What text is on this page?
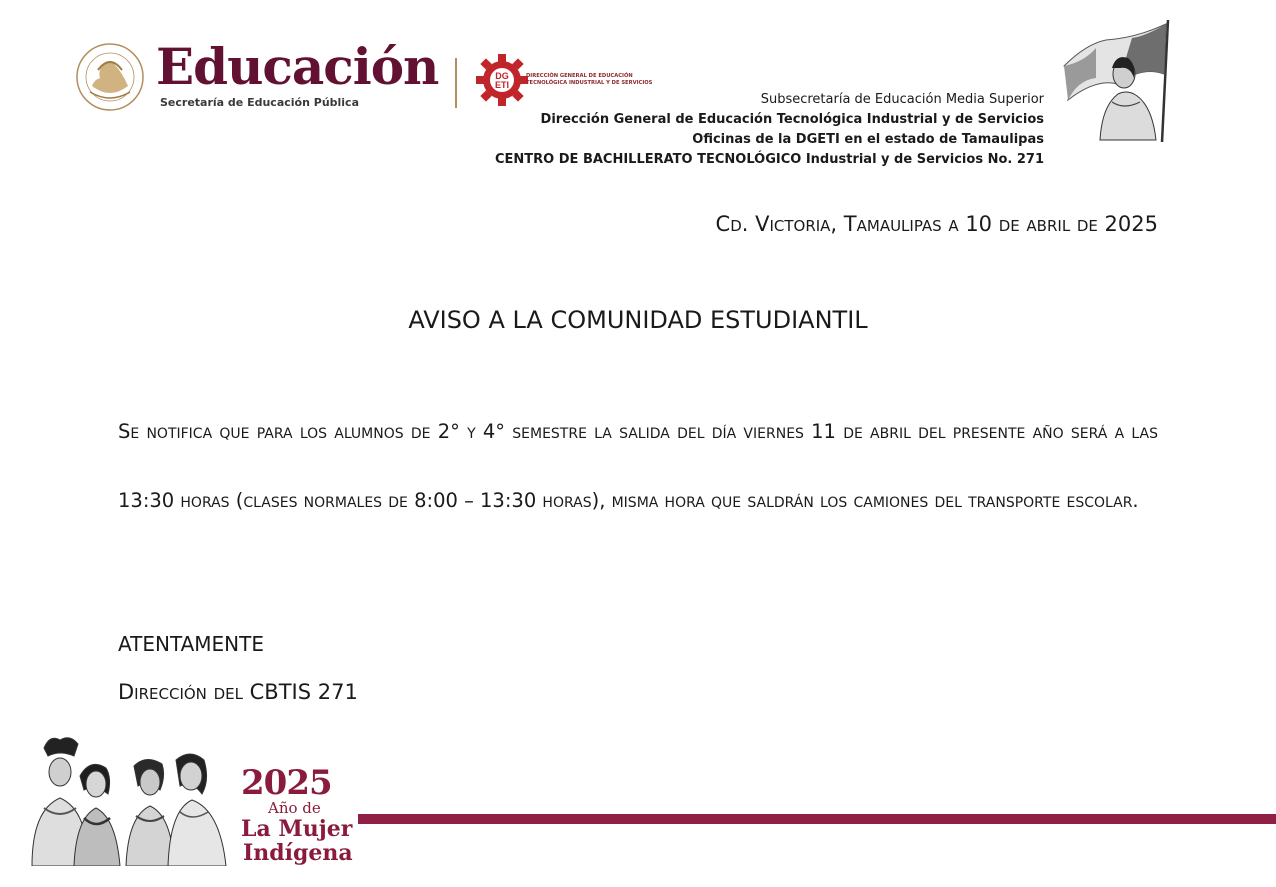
Educación
Secretaría de Educación Pública
DG
ETI
DIRECCIÓN GENERAL DE EDUCACIÓN
TECNOLÓGICA INDUSTRIAL Y DE SERVICIOS
Subsecretaría de Educación Media Superior
Dirección General de Educación Tecnológica Industrial y de Servicios
Oficinas de la DGETI en el estado de Tamaulipas
CENTRO DE BACHILLERATO TECNOLÓGICO Industrial y de Servicios No. 271
Cd. Victoria, Tamaulipas a 10 de abril de 2025
AVISO A LA COMUNIDAD ESTUDIANTIL
Se notifica que para los alumnos de 2° y 4° semestre la salida del día viernes 11 de abril del presente año será a las 13:30 horas (clases normales de 8:00 – 13:30 horas), misma hora que saldrán los camiones del transporte escolar.
ATENTAMENTE
Dirección del CBTIS 271
2025
Año de
La Mujer
Indígena
